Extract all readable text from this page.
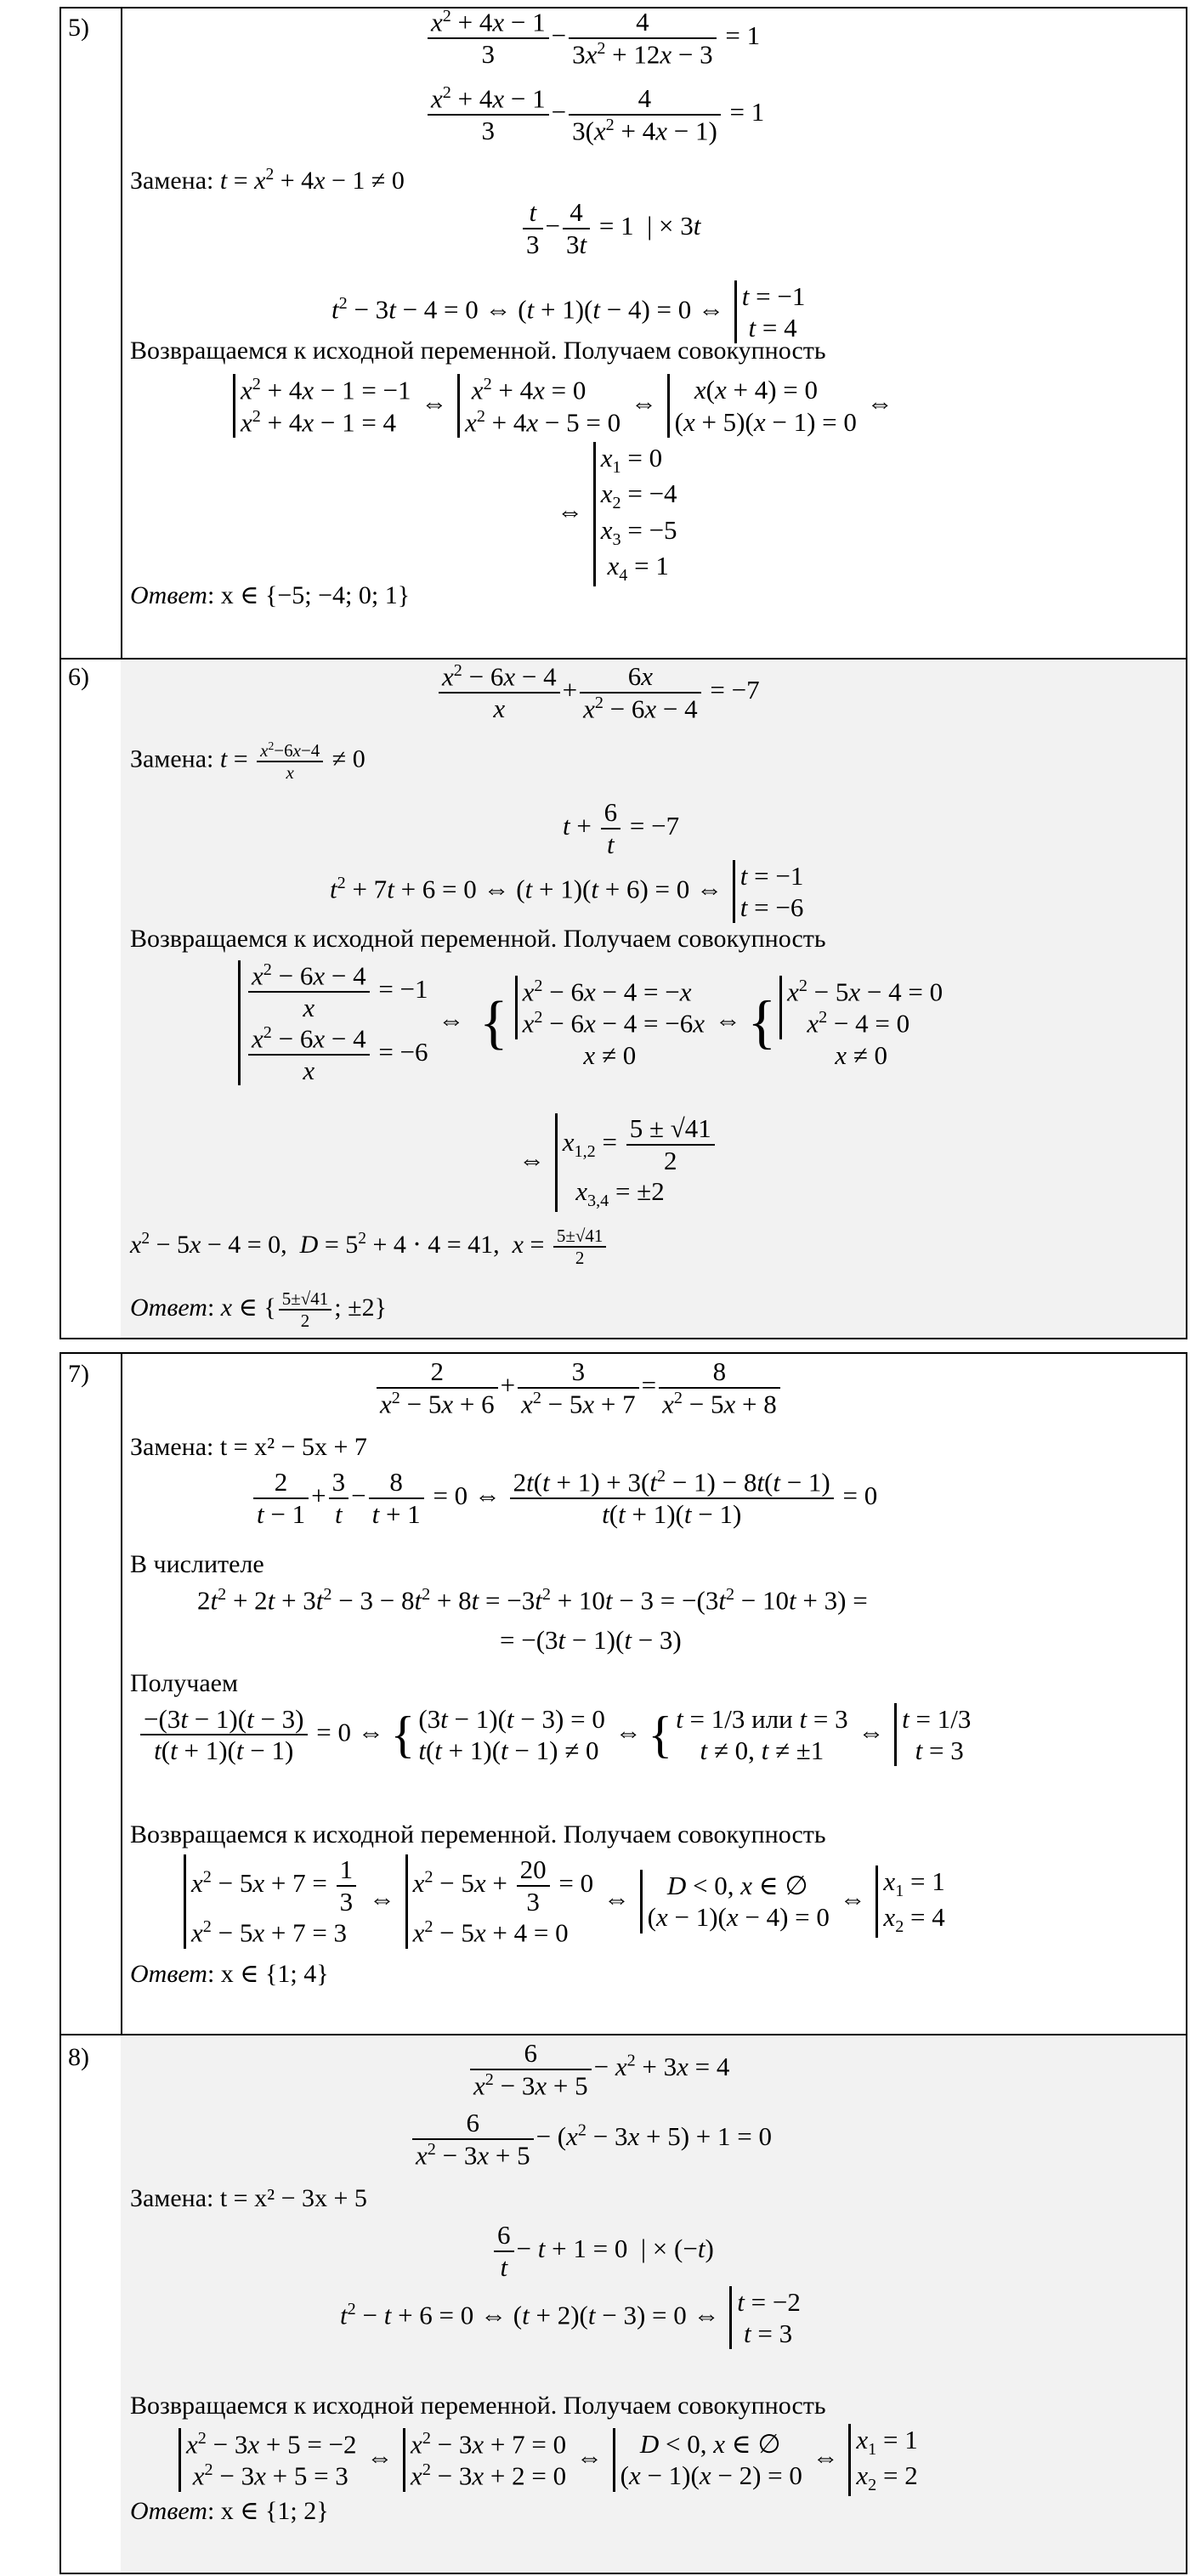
5)	$\frac{x^2 + 4x - 1}{3} - \frac{4}{3x^2 + 12x - 3} = 1$
$\frac{x^2 + 4x - 1}{3} - \frac{4}{3(x^2 + 4x - 1)} = 1$
Замена: $t = x^2 + 4x - 1 \ne 0$
$\frac{t}{3} - \frac{4}{3t} = 1$  | × 3t
$t^2 - 3t - 4 = 0$ ⇔ (t + 1)(t − 4) = 0 ⇔ t = −1
t = 4
Возвращаемся к исходной переменной. Получаем совокупность
$x^2 + 4x - 1 = -1$
$x^2 + 4x - 1 = 4$
⇔ $x^2 + 4x = 0$
$x^2 + 4x - 5 = 0$
⇔	x(x + 4) = 0
(x + 5)(x − 1) = 0
⇔
⇔
$x_1 = 0$
$x_2 = -4$
$x_3 = -5$
$x_4 = 1$
Ответ: x ∈ {−5; −4; 0; 1}
6)	$\frac{x^2 - 6x - 4}{x} + \frac{6x}{x^2 - 6x - 4} = -7$
Замена: $t = \frac{x^2-6x-4}{x} \ne 0$
$t + \frac{6}{t} = -7$
$t^2 + 7t + 6 = 0$ ⇔ (t + 1)(t + 6) = 0 ⇔ t = −1
t = −6
Возвращаемся к исходной переменной. Получаем совокупность
$\frac{x^2 - 6x - 4}{x} = -1$
$\frac{x^2 - 6x - 4}{x} = -6$
⇔ { $x^2 - 6x - 4 = -x$
$x^2 - 6x - 4 = -6x$
x ≠ 0
⇔ { $x^2 - 5x - 4 = 0$
$x^2 - 4 = 0$
x ≠ 0
⇔
$x_{1,2} = \frac{5 \pm √41}{2}$
$x_{3,4} = \pm 2$
$x^2 - 5x - 4 = 0$,  $D = 5^2 + 4 \cdot 4 = 41$,  $x = \frac{5\pm√41}{2}$
Ответ: x ∈ { $\frac{5\pm√41}{2}$ ; ±2}
7)	$\frac{2}{x^2 - 5x + 6} + \frac{3}{x^2 - 5x + 7} = \frac{8}{x^2 - 5x + 8}$
Замена: t = x² − 5x + 7
$\frac{2}{t - 1} + \frac{3}{t} - \frac{8}{t + 1} = 0$ ⇔ $\frac{2t(t + 1) + 3(t^2 - 1) - 8t(t - 1)}{t(t + 1)(t - 1)} = 0$
В числителе
$2t^2 + 2t + 3t^2 - 3 - 8t^2 + 8t = -3t^2 + 10t - 3 = -(3t^2 - 10t + 3)$ =
= −(3t − 1)(t − 3)
Получаем
$\frac{-(3t - 1)(t - 3)}{t(t + 1)(t - 1)} = 0$ ⇔ { (3t − 1)(t − 3) = 0
t(t + 1)(t − 1) ≠ 0
⇔ { t = 1/3 или t = 3
t ≠ 0, t ≠ ±1
⇔ t = 1/3
t = 3
Возвращаемся к исходной переменной. Получаем совокупность
$x^2 - 5x + 7 = \frac{1}{3}$
$x^2 - 5x + 7 = 3$
⇔
$x^2 - 5x + \frac{20}{3} = 0$
$x^2 - 5x + 4 = 0$
⇔	D < 0, x ∈ ∅
(x − 1)(x − 4) = 0
⇔
$x_1 = 1$
$x_2 = 4$
Ответ: x ∈ {1; 4}
8)	$\frac{6}{x^2 - 3x + 5} - x^2 + 3x = 4$
$\frac{6}{x^2 - 3x + 5} - (x^2 - 3x + 5) + 1 = 0$
Замена: t = x² − 3x + 5
$\frac{6}{t} - t + 1 = 0$  | × (−t)
$t^2 - t + 6 = 0$ ⇔ (t + 2)(t − 3) = 0 ⇔ t = −2
t = 3
Возвращаемся к исходной переменной. Получаем совокупность
$x^2 - 3x + 5 = -2$
$x^2 - 3x + 5 = 3$
⇔ $x^2 - 3x + 7 = 0$
$x^2 - 3x + 2 = 0$
⇔	D < 0, x ∈ ∅
(x − 1)(x − 2) = 0
⇔
$x_1 = 1$
$x_2 = 2$
Ответ: x ∈ {1; 2}
